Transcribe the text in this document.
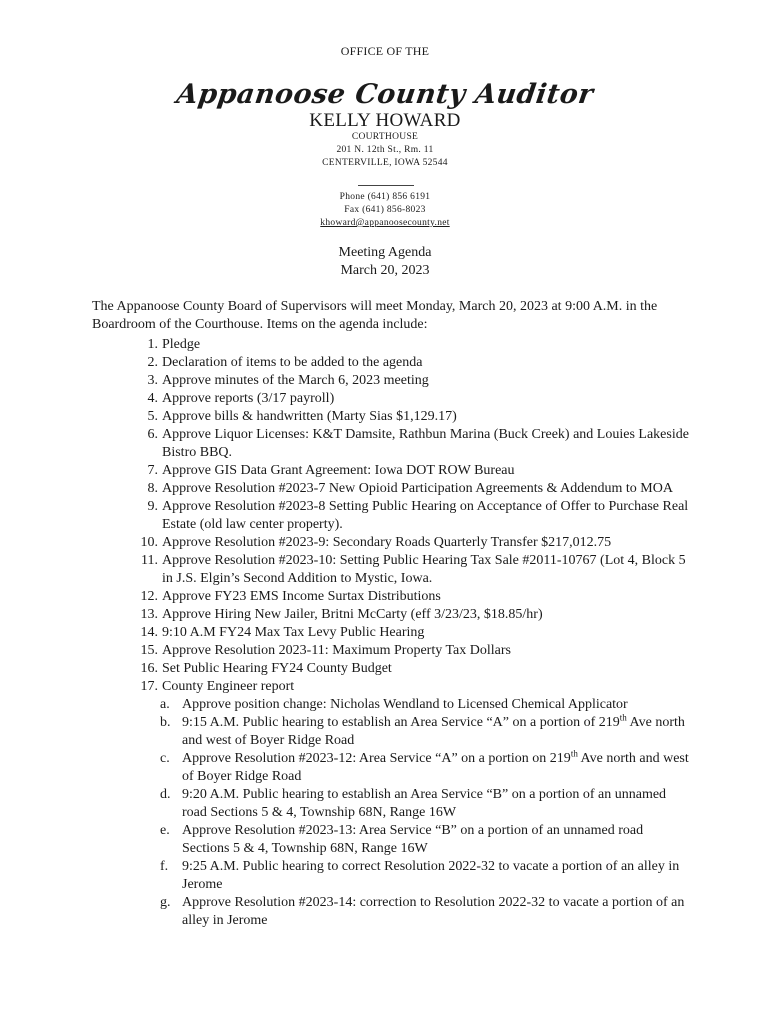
OFFICE OF THE
Appanoose County Auditor
KELLY HOWARD
COURTHOUSE
201 N. 12th St., Rm. 11
CENTERVILLE, IOWA 52544
Phone (641) 856 6191
Fax (641) 856-8023
khoward@appanoosecounty.net
Meeting Agenda
March 20, 2023
The Appanoose County Board of Supervisors will meet Monday, March 20, 2023 at 9:00 A.M. in the Boardroom of the Courthouse. Items on the agenda include:
1. Pledge
2. Declaration of items to be added to the agenda
3. Approve minutes of the March 6, 2023 meeting
4. Approve reports (3/17 payroll)
5. Approve bills & handwritten (Marty Sias $1,129.17)
6. Approve Liquor Licenses: K&T Damsite, Rathbun Marina (Buck Creek) and Louies Lakeside Bistro BBQ.
7. Approve GIS Data Grant Agreement: Iowa DOT ROW Bureau
8. Approve Resolution #2023-7 New Opioid Participation Agreements & Addendum to MOA
9. Approve Resolution #2023-8 Setting Public Hearing on Acceptance of Offer to Purchase Real Estate (old law center property).
10. Approve Resolution #2023-9: Secondary Roads Quarterly Transfer $217,012.75
11. Approve Resolution #2023-10: Setting Public Hearing Tax Sale #2011-10767 (Lot 4, Block 5 in J.S. Elgin’s Second Addition to Mystic, Iowa.
12. Approve FY23 EMS Income Surtax Distributions
13. Approve Hiring New Jailer, Britni McCarty (eff 3/23/23, $18.85/hr)
14. 9:10 A.M FY24 Max Tax Levy Public Hearing
15. Approve Resolution 2023-11: Maximum Property Tax Dollars
16. Set Public Hearing FY24 County Budget
17. County Engineer report
a. Approve position change: Nicholas Wendland to Licensed Chemical Applicator
b. 9:15 A.M. Public hearing to establish an Area Service “A” on a portion of 219th Ave north and west of Boyer Ridge Road
c. Approve Resolution #2023-12: Area Service “A” on a portion on 219th Ave north and west of Boyer Ridge Road
d. 9:20 A.M. Public hearing to establish an Area Service “B” on a portion of an unnamed road Sections 5 & 4, Township 68N, Range 16W
e. Approve Resolution #2023-13: Area Service “B” on a portion of an unnamed road Sections 5 & 4, Township 68N, Range 16W
f. 9:25 A.M. Public hearing to correct Resolution 2022-32 to vacate a portion of an alley in Jerome
g. Approve Resolution #2023-14: correction to Resolution 2022-32 to vacate a portion of an alley in Jerome
